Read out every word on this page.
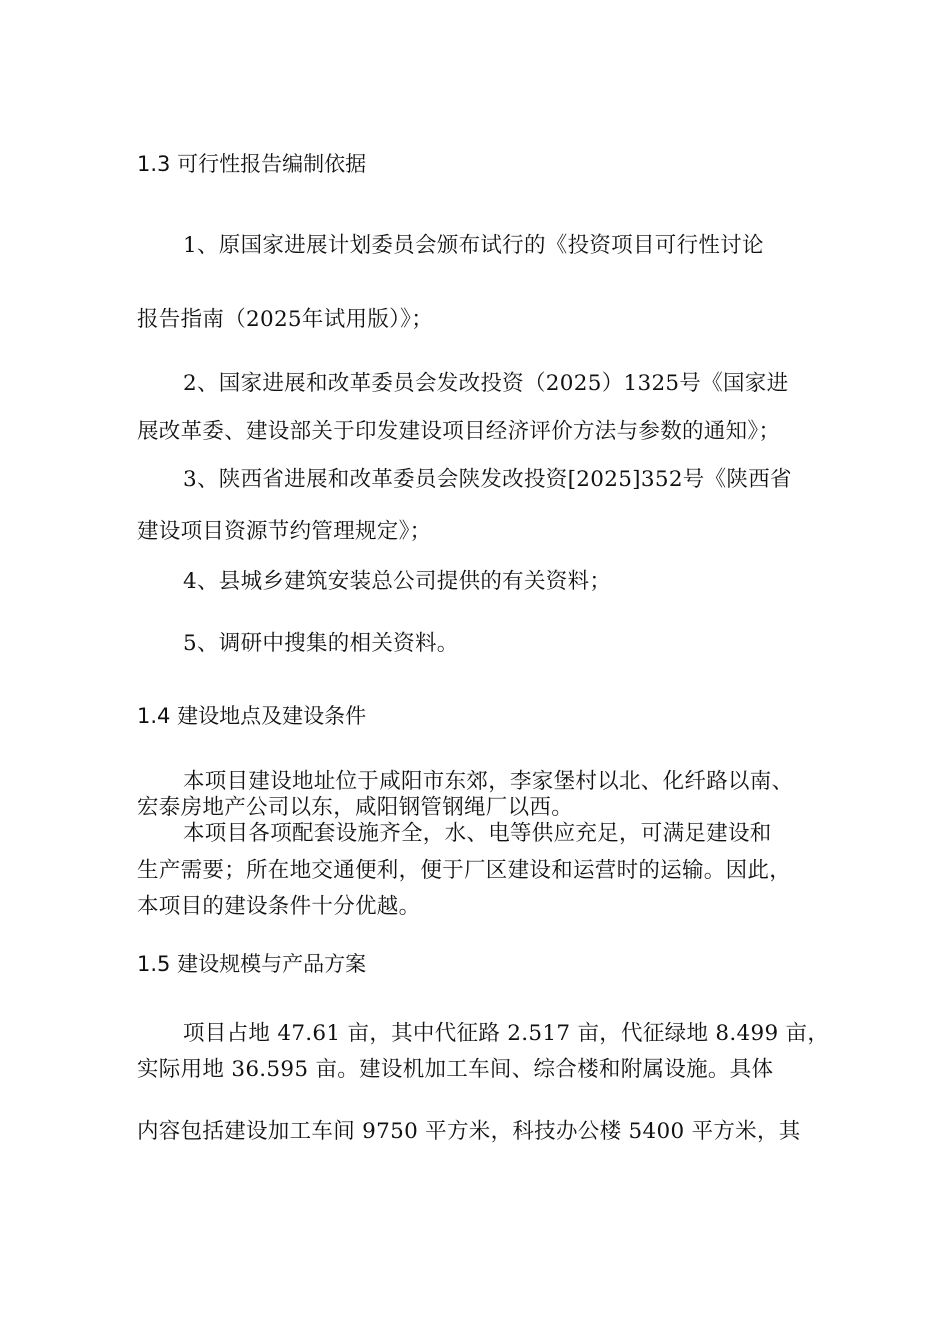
1.3 可行性报告编制依据
1、原国家进展计划委员会颁布试行的《投资项目可行性讨论
报告指南（2025年试用版）》；
2、国家进展和改革委员会发改投资（2025）1325号《国家进
展改革委、建设部关于印发建设项目经济评价方法与参数的通知》；
3、陕西省进展和改革委员会陕发改投资[2025]352号《陕西省
建设项目资源节约管理规定》；
4、县城乡建筑安装总公司提供的有关资料；
5、调研中搜集的相关资料。
1.4 建设地点及建设条件
本项目建设地址位于咸阳市东郊，李家堡村以北、化纤路以南、
宏泰房地产公司以东，咸阳钢管钢绳厂以西。
本项目各项配套设施齐全，水、电等供应充足，可满足建设和
生产需要；所在地交通便利，便于厂区建设和运营时的运输。因此，
本项目的建设条件十分优越。
1.5 建设规模与产品方案
项目占地 47.61 亩，其中代征路 2.517 亩，代征绿地 8.499 亩，
实际用地 36.595 亩。建设机加工车间、综合楼和附属设施。具体
内容包括建设加工车间 9750 平方米，科技办公楼 5400 平方米，其
